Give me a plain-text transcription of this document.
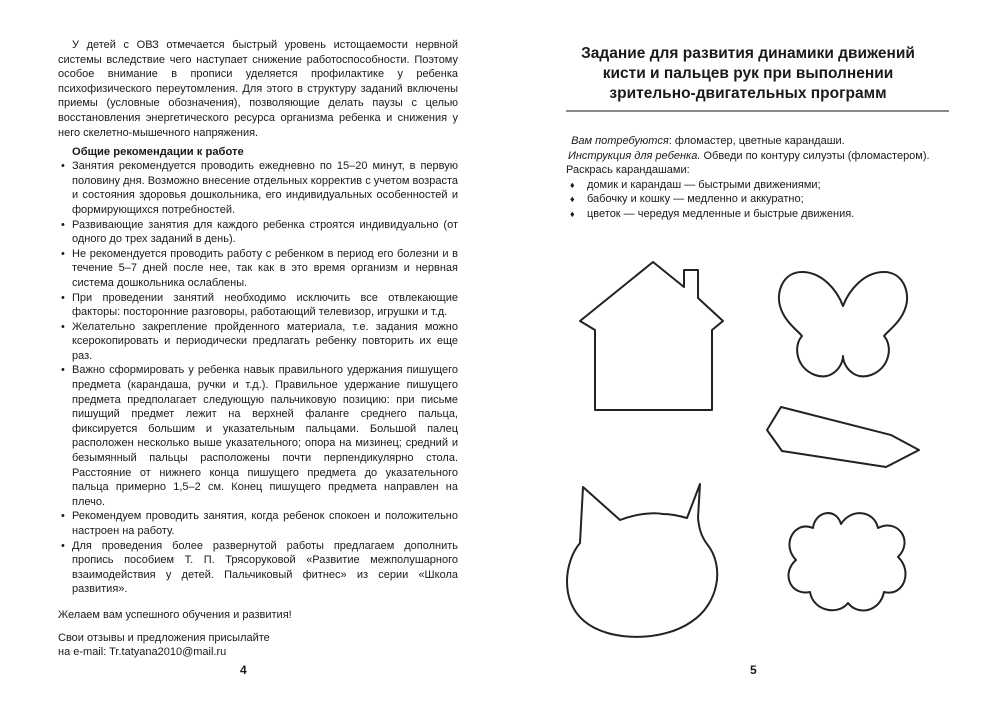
У детей с ОВЗ отмечается быстрый уровень истощаемости нервной системы вследствие чего наступает снижение работоспособности. Поэтому особое внимание в прописи уделяется профилактике у ребенка психофизического переутомления. Для этого в структуру заданий включены приемы (условные обозначения), позволяющие делать паузы с целью восстановления энергетического ресурса организма ребенка и снижения у него скелетно-мышечного напряжения.

Общие рекомендации к работе
• Занятия рекомендуется проводить ежедневно по 15–20 минут, в первую половину дня. Возможно внесение отдельных корректив с учетом возраста и состояния здоровья дошкольника, его индивидуальных особенностей и формирующихся потребностей.
• Развивающие занятия для каждого ребенка строятся индивидуально (от одного до трех заданий в день).
• Не рекомендуется проводить работу с ребенком в период его болезни и в течение 5–7 дней после нее, так как в это время организм и нервная система дошкольника ослаблены.
• При проведении занятий необходимо исключить все отвлекающие факторы: посторонние разговоры, работающий телевизор, игрушки и т.д.
• Желательно закрепление пройденного материала, т.е. задания можно ксерокопировать и периодически предлагать ребенку повторить их еще раз.
• Важно сформировать у ребенка навык правильного удержания пишущего предмета (карандаша, ручки и т.д.). Правильное удержание пишущего предмета предполагает следующую пальчиковую позицию: при письме пишущий предмет лежит на верхней фаланге среднего пальца, фиксируется большим и указательным пальцами. Большой палец расположен несколько выше указательного; опора на мизинец; средний и безымянный пальцы расположены почти перпендикулярно стола. Расстояние от нижнего конца пишущего предмета до указательного пальца примерно 1,5–2 см. Конец пишущего предмета направлен на плечо.
• Рекомендуем проводить занятия, когда ребенок спокоен и положительно настроен на работу.
• Для проведения более развернутой работы предлагаем дополнить пропись пособием Т. П. Трясоруковой «Развитие межполушарного взаимодействия у детей. Пальчиковый фитнес» из серии «Школа развития».

Желаем вам успешного обучения и развития!

Свои отзывы и предложения присылайте
на e-mail: Tr.tatyana2010@mail.ru
4
Задание для развития динамики движений кисти и пальцев рук при выполнении зрительно-двигательных программ

Вам потребуются: фломастер, цветные карандаши.

Инструкция для ребенка. Обведи по контуру силуэты (фломастером).

Раскрась карандашами:

♦ домик и карандаш — быстрыми движениями;
♦ бабочку и кошку — медленно и аккуратно;
♦ цветок — чередуя медленные и быстрые движения.
5
